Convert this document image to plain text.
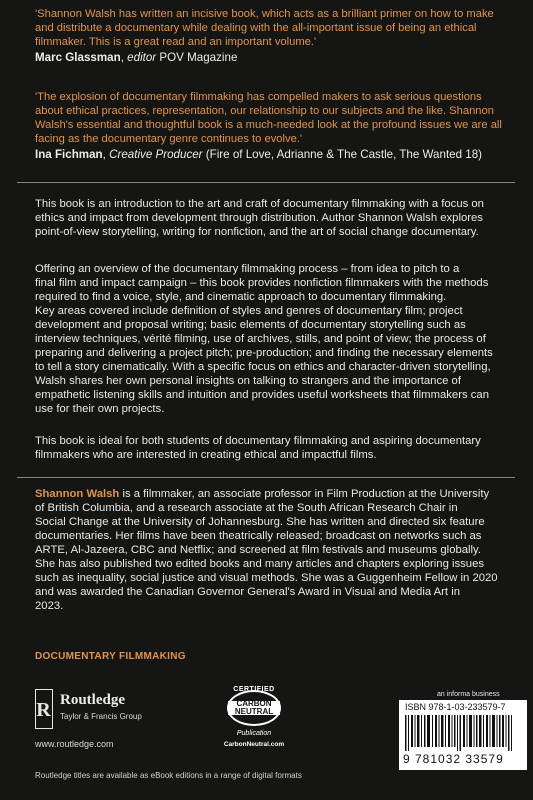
'Shannon Walsh has written an incisive book, which acts as a brilliant primer on how to make
and distribute a documentary while dealing with the all-important issue of being an ethical
filmmaker. This is a great read and an important volume.'
Marc Glassman, editor POV Magazine
'The explosion of documentary filmmaking has compelled makers to ask serious questions
about ethical practices, representation, our relationship to our subjects and the like. Shannon
Walsh's essential and thoughtful book is a much-needed look at the profound issues we are all
facing as the documentary genre continues to evolve.'
Ina Fichman, Creative Producer (Fire of Love, Adrianne & The Castle, The Wanted 18)
This book is an introduction to the art and craft of documentary filmmaking with a focus on
ethics and impact from development through distribution. Author Shannon Walsh explores
point-of-view storytelling, writing for nonfiction, and the art of social change documentary.
Offering an overview of the documentary filmmaking process – from idea to pitch to a
final film and impact campaign – this book provides nonfiction filmmakers with the methods
required to find a voice, style, and cinematic approach to documentary filmmaking.
Key areas covered include definition of styles and genres of documentary film; project
development and proposal writing; basic elements of documentary storytelling such as
interview techniques, vérité filming, use of archives, stills, and point of view; the process of
preparing and delivering a project pitch; pre-production; and finding the necessary elements
to tell a story cinematically. With a specific focus on ethics and character-driven storytelling,
Walsh shares her own personal insights on talking to strangers and the importance of
empathetic listening skills and intuition and provides useful worksheets that filmmakers can
use for their own projects.
This book is ideal for both students of documentary filmmaking and aspiring documentary
filmmakers who are interested in creating ethical and impactful films.
Shannon Walsh is a filmmaker, an associate professor in Film Production at the University
of British Columbia, and a research associate at the South African Research Chair in
Social Change at the University of Johannesburg. She has written and directed six feature
documentaries. Her films have been theatrically released; broadcast on networks such as
ARTE, Al-Jazeera, CBC and Netflix; and screened at film festivals and museums globally.
She has also published two edited books and many articles and chapters exploring issues
such as inequality, social justice and visual methods. She was a Guggenheim Fellow in 2020
and was awarded the Canadian Governor General's Award in Visual and Media Art in
2023.
DOCUMENTARY FILMMAKING
R Routledge
Taylor & Francis Group
www.routledge.com
CERTIFIED
CARBON
NEUTRAL
Publication
CarbonNeutral.com
an informa business
ISBN 978-1-03-233579-7
9 781032 33579
Routledge titles are available as eBook editions in a range of digital formats
